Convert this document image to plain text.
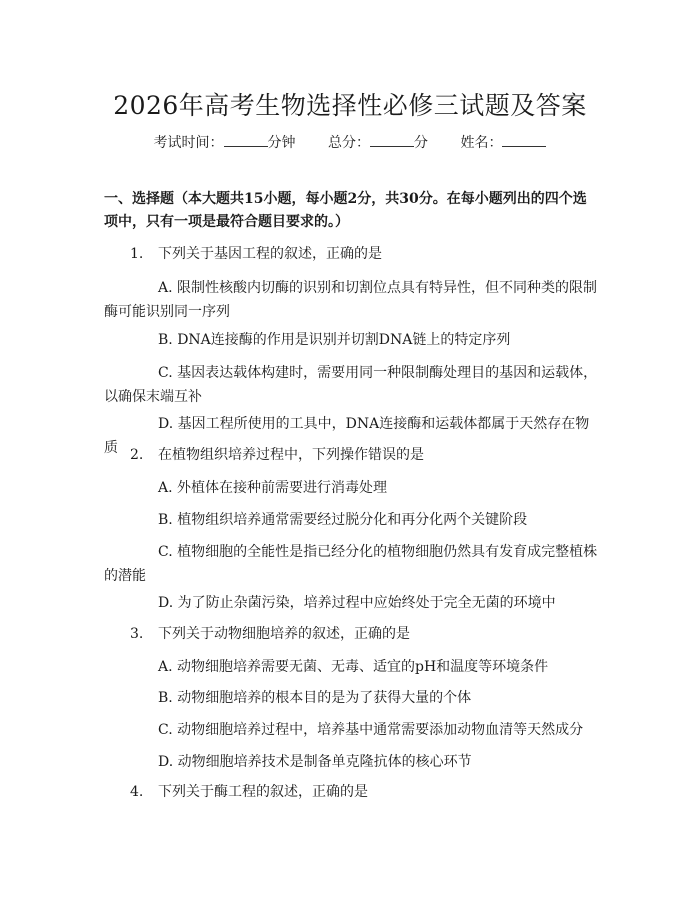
2026年高考生物选择性必修三试题及答案
考试时间：	分钟 总分：	分 姓名：
一、选择题（本大题共15小题，每小题2分，共30分。在每小题列出的四个选项中，只有一项是最符合题目要求的。）
1. 下列关于基因工程的叙述，正确的是
A. 限制性核酸内切酶的识别和切割位点具有特异性，但不同种类的限制酶可能识别同一序列
B. DNA连接酶的作用是识别并切割DNA链上的特定序列
C. 基因表达载体构建时，需要用同一种限制酶处理目的基因和运载体，以确保末端互补
D. 基因工程所使用的工具中，DNA连接酶和运载体都属于天然存在物质 2. 在植物组织培养过程中，下列操作错误的是
A. 外植体在接种前需要进行消毒处理
B. 植物组织培养通常需要经过脱分化和再分化两个关键阶段
C. 植物细胞的全能性是指已经分化的植物细胞仍然具有发育成完整植株的潜能
D. 为了防止杂菌污染，培养过程中应始终处于完全无菌的环境中
3. 下列关于动物细胞培养的叙述，正确的是
A. 动物细胞培养需要无菌、无毒、适宜的pH和温度等环境条件
B. 动物细胞培养的根本目的是为了获得大量的个体
C. 动物细胞培养过程中，培养基中通常需要添加动物血清等天然成分
D. 动物细胞培养技术是制备单克隆抗体的核心环节
4. 下列关于酶工程的叙述，正确的是
